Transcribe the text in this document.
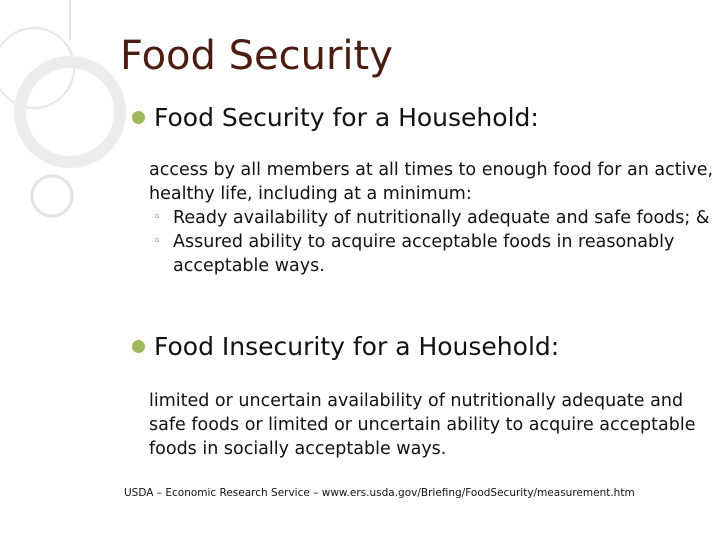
Food Security
Food Security for a Household:
access by all members at all times to enough food for an active, healthy life, including at a minimum:
◦ Ready availability of nutritionally adequate and safe foods; &
◦ Assured ability to acquire acceptable foods in reasonably acceptable ways.
Food Insecurity for a Household:
limited or uncertain availability of nutritionally adequate and safe foods or limited or uncertain ability to acquire acceptable foods in socially acceptable ways.
USDA – Economic Research Service – www.ers.usda.gov/Briefing/FoodSecurity/measurement.htm
